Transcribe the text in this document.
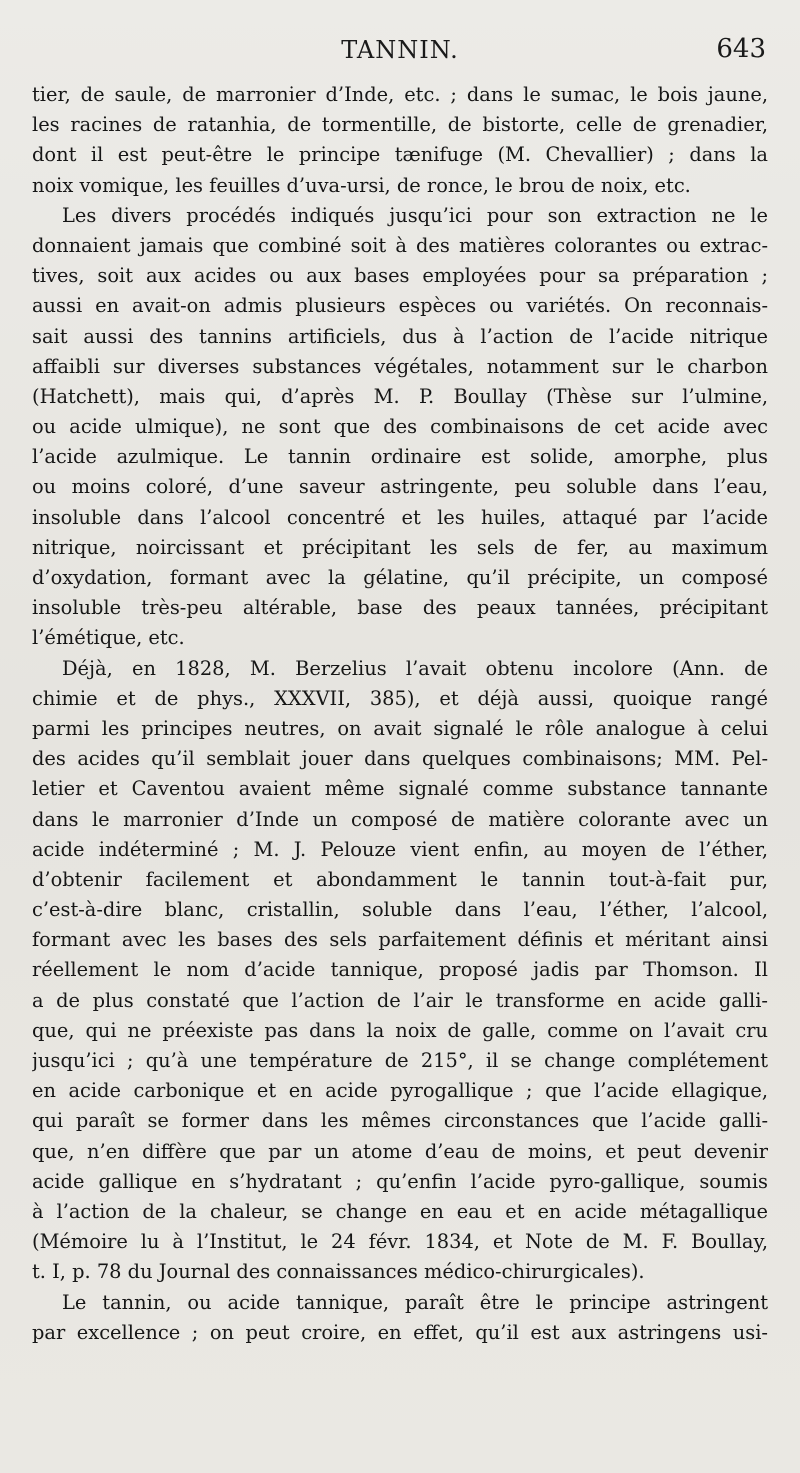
TANNIN.	643
tier, de saule, de marronier d’Inde, etc. ; dans le sumac, le bois jaune,
les racines de ratanhia, de tormentille, de bistorte, celle de grenadier,
dont il est peut-être le principe tænifuge (M. Chevallier) ; dans la
noix vomique, les feuilles d’uva-ursi, de ronce, le brou de noix, etc.
Les divers procédés indiqués jusqu’ici pour son extraction ne le
donnaient jamais que combiné soit à des matières colorantes ou extrac-
tives, soit aux acides ou aux bases employées pour sa préparation ;
aussi en avait-on admis plusieurs espèces ou variétés. On reconnais-
sait aussi des tannins artificiels, dus à l’action de l’acide nitrique
affaibli sur diverses substances végétales, notamment sur le charbon
(Hatchett), mais qui, d’après M. P. Boullay (Thèse sur l’ulmine,
ou acide ulmique), ne sont que des combinaisons de cet acide avec
l’acide azulmique. Le tannin ordinaire est solide, amorphe, plus
ou moins coloré, d’une saveur astringente, peu soluble dans l’eau,
insoluble dans l’alcool concentré et les huiles, attaqué par l’acide
nitrique, noircissant et précipitant les sels de fer, au maximum
d’oxydation, formant avec la gélatine, qu’il précipite, un composé
insoluble très-peu altérable, base des peaux tannées, précipitant
l’émétique, etc.
Déjà, en 1828, M. Berzelius l’avait obtenu incolore (Ann. de
chimie et de phys., XXXVII, 385), et déjà aussi, quoique rangé
parmi les principes neutres, on avait signalé le rôle analogue à celui
des acides qu’il semblait jouer dans quelques combinaisons; MM. Pel-
letier et Caventou avaient même signalé comme substance tannante
dans le marronier d’Inde un composé de matière colorante avec un
acide indéterminé ; M. J. Pelouze vient enfin, au moyen de l’éther,
d’obtenir facilement et abondamment le tannin tout-à-fait pur,
c’est-à-dire blanc, cristallin, soluble dans l’eau, l’éther, l’alcool,
formant avec les bases des sels parfaitement définis et méritant ainsi
réellement le nom d’acide tannique, proposé jadis par Thomson. Il
a de plus constaté que l’action de l’air le transforme en acide galli-
que, qui ne préexiste pas dans la noix de galle, comme on l’avait cru
jusqu’ici ; qu’à une température de 215°, il se change complétement
en acide carbonique et en acide pyrogallique ; que l’acide ellagique,
qui paraît se former dans les mêmes circonstances que l’acide galli-
que, n’en diffère que par un atome d’eau de moins, et peut devenir
acide gallique en s’hydratant ; qu’enfin l’acide pyro-gallique, soumis
à l’action de la chaleur, se change en eau et en acide métagallique
(Mémoire lu à l’Institut, le 24 févr. 1834, et Note de M. F. Boullay,
t. I, p. 78 du Journal des connaissances médico-chirurgicales).
Le tannin, ou acide tannique, paraît être le principe astringent
par excellence ; on peut croire, en effet, qu’il est aux astringens usi-
